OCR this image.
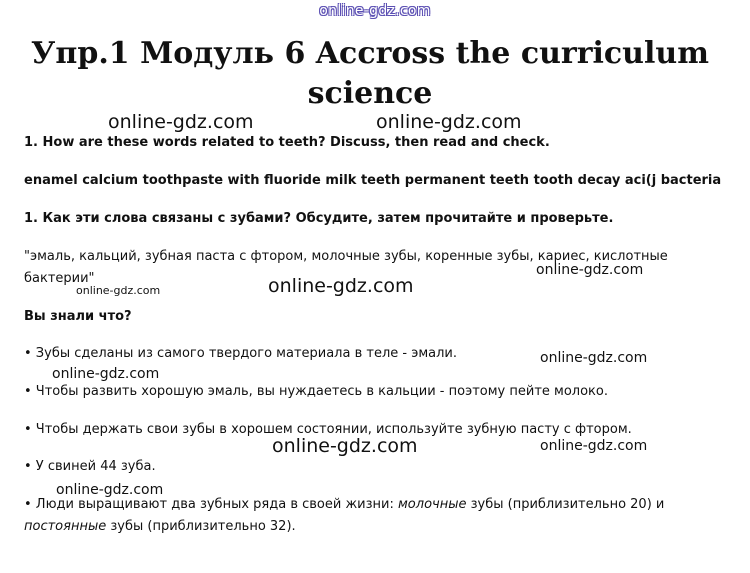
online-gdz.com
Упр.1 Модуль 6 Accross the curriculum
science
1. How are these words related to teeth? Discuss, then read and check.
enamel calcium toothpaste with fluoride milk teeth permanent teeth tooth decay aci(j bacteria
1. Как эти слова связаны с зубами? Обсудите, затем прочитайте и проверьте.
"эмаль, кальций, зубная паста с фтором, молочные зубы, коренные зубы, кариес, кислотные
бактерии"
Вы знали что?
• Зубы сделаны из самого твердого материала в теле - эмали.
• Чтобы развить хорошую эмаль, вы нуждаетесь в кальции - поэтому пейте молоко.
• Чтобы держать свои зубы в хорошем состоянии, используйте зубную пасту с фтором.
• У свиней 44 зуба.
• Люди выращивают два зубных ряда в своей жизни: молочные зубы (приблизительно 20) и
постоянные зубы (приблизительно 32).
online-gdz.com	online-gdz.com
online-gdz.com
online-gdz.com	online-gdz.com
online-gdz.com
online-gdz.com
online-gdz.com	online-gdz.com
online-gdz.com
